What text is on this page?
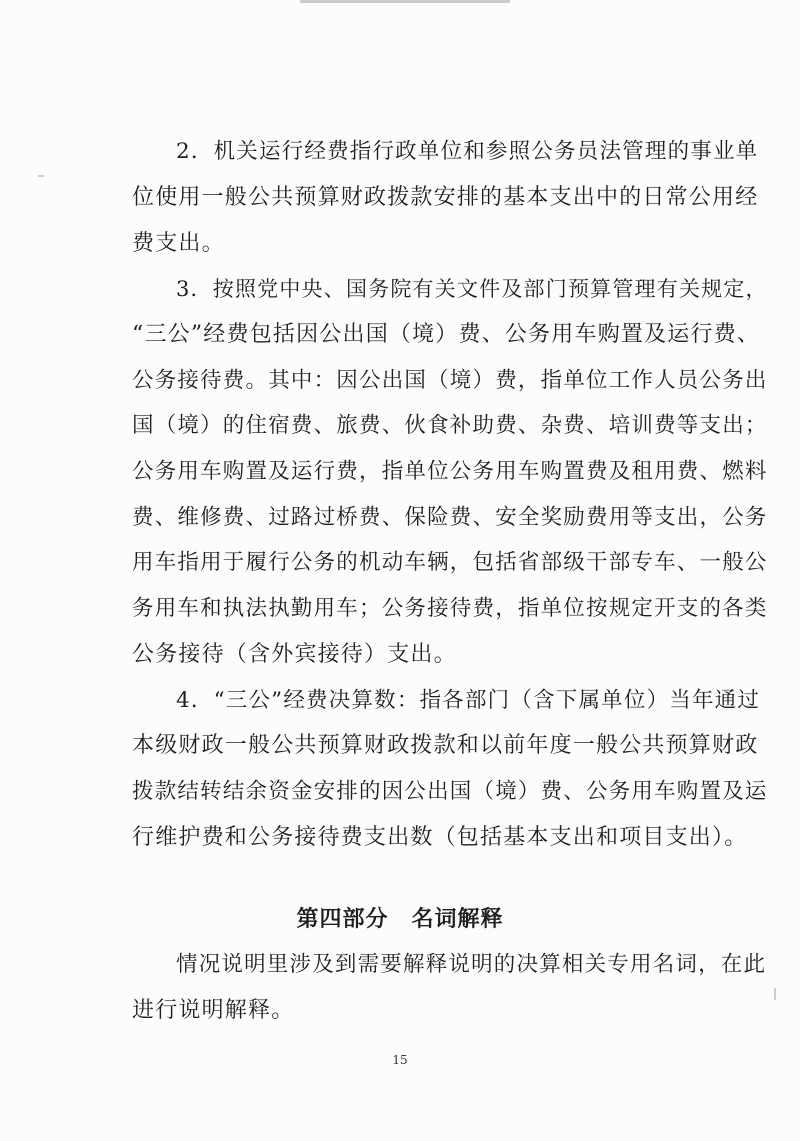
2．机关运行经费指行政单位和参照公务员法管理的事业单
位使用一般公共预算财政拨款安排的基本支出中的日常公用经
费支出。
3．按照党中央、国务院有关文件及部门预算管理有关规定，
“三公”经费包括因公出国（境）费、公务用车购置及运行费、
公务接待费。其中：因公出国（境）费，指单位工作人员公务出
国（境）的住宿费、旅费、伙食补助费、杂费、培训费等支出；
公务用车购置及运行费，指单位公务用车购置费及租用费、燃料
费、维修费、过路过桥费、保险费、安全奖励费用等支出，公务
用车指用于履行公务的机动车辆，包括省部级干部专车、一般公
务用车和执法执勤用车；公务接待费，指单位按规定开支的各类
公务接待（含外宾接待）支出。
4．“三公”经费决算数：指各部门（含下属单位）当年通过
本级财政一般公共预算财政拨款和以前年度一般公共预算财政
拨款结转结余资金安排的因公出国（境）费、公务用车购置及运
行维护费和公务接待费支出数（包括基本支出和项目支出）。
第四部分　名词解释
情况说明里涉及到需要解释说明的决算相关专用名词，在此
进行说明解释。
15
